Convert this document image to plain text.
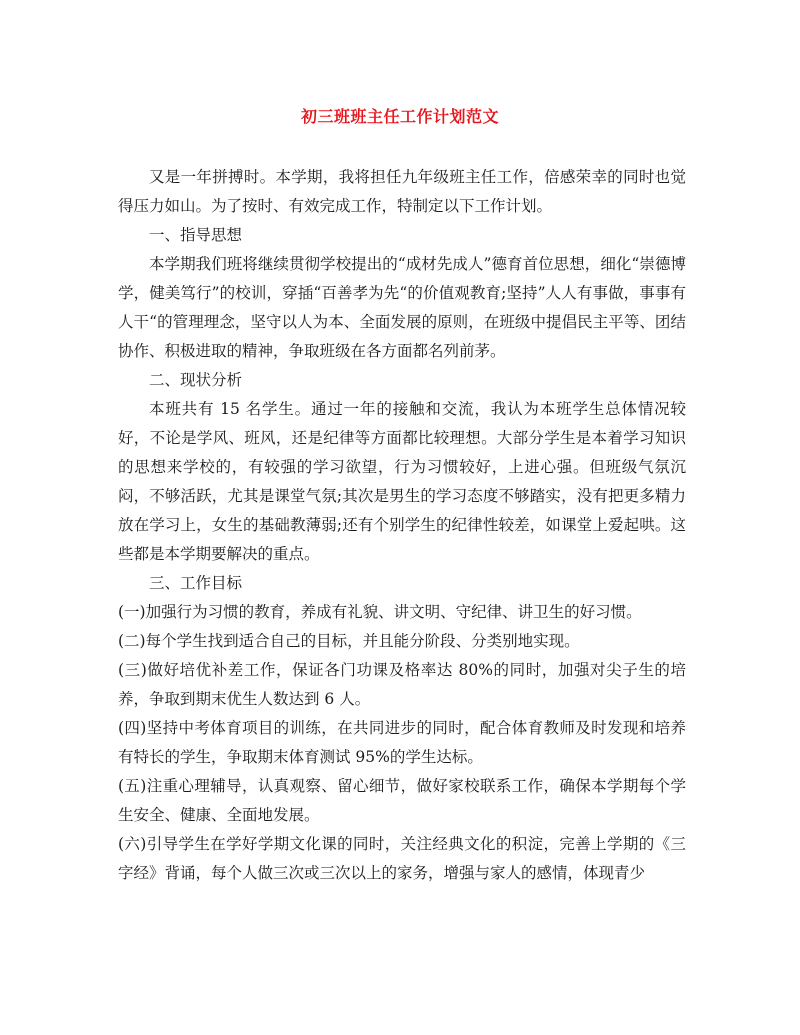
初三班班主任工作计划范文

又是一年拼搏时。本学期，我将担任九年级班主任工作，倍感荣幸的同时也觉得压力如山。为了按时、有效完成工作，特制定以下工作计划。

一、指导思想

本学期我们班将继续贯彻学校提出的“成材先成人”德育首位思想，细化“崇德博学，健美笃行”的校训，穿插“百善孝为先“的价值观教育;坚持”人人有事做，事事有人干“的管理理念，坚守以人为本、全面发展的原则，在班级中提倡民主平等、团结协作、积极进取的精神，争取班级在各方面都名列前茅。

二、现状分析

本班共有 15 名学生。通过一年的接触和交流，我认为本班学生总体情况较好，不论是学风、班风，还是纪律等方面都比较理想。大部分学生是本着学习知识的思想来学校的，有较强的学习欲望，行为习惯较好，上进心强。但班级气氛沉闷，不够活跃，尤其是课堂气氛;其次是男生的学习态度不够踏实，没有把更多精力放在学习上，女生的基础教薄弱;还有个别学生的纪律性较差，如课堂上爱起哄。这些都是本学期要解决的重点。

三、工作目标

(一)加强行为习惯的教育，养成有礼貌、讲文明、守纪律、讲卫生的好习惯。

(二)每个学生找到适合自己的目标，并且能分阶段、分类别地实现。

(三)做好培优补差工作，保证各门功课及格率达 80%的同时，加强对尖子生的培养，争取到期末优生人数达到 6 人。

(四)坚持中考体育项目的训练，在共同进步的同时，配合体育教师及时发现和培养有特长的学生，争取期末体育测试 95%的学生达标。

(五)注重心理辅导，认真观察、留心细节，做好家校联系工作，确保本学期每个学生安全、健康、全面地发展。

(六)引导学生在学好学期文化课的同时，关注经典文化的积淀，完善上学期的《三字经》背诵，每个人做三次或三次以上的家务，增强与家人的感情，体现青少
